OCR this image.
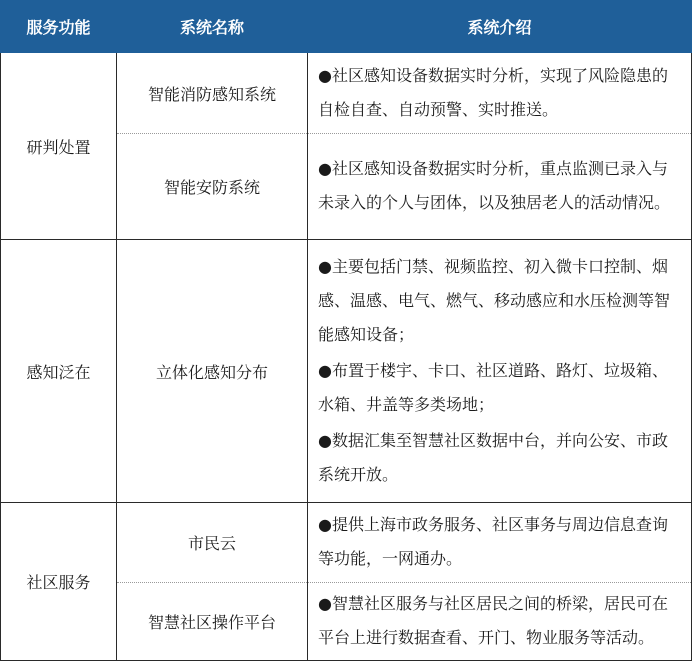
服务功能	系统名称	系统介绍
研判处置	智能消防感知系统	●社区感知设备数据实时分析，实现了风险隐患的自检自查、自动预警、实时推送。

	智能安防系统	●社区感知设备数据实时分析，重点监测已录入与未录入的个人与团体，以及独居老人的活动情况。

感知泛在	立体化感知分布	●主要包括门禁、视频监控、初入微卡口控制、烟感、温感、电气、燃气、移动感应和水压检测等智能感知设备；

●布置于楼宇、卡口、社区道路、路灯、垃圾箱、水箱、井盖等多类场地；

●数据汇集至智慧社区数据中台，并向公安、市政系统开放。

社区服务	市民云	●提供上海市政务服务、社区事务与周边信息查询等功能，一网通办。

	智慧社区操作平台	●智慧社区服务与社区居民之间的桥梁，居民可在平台上进行数据查看、开门、物业服务等活动。
